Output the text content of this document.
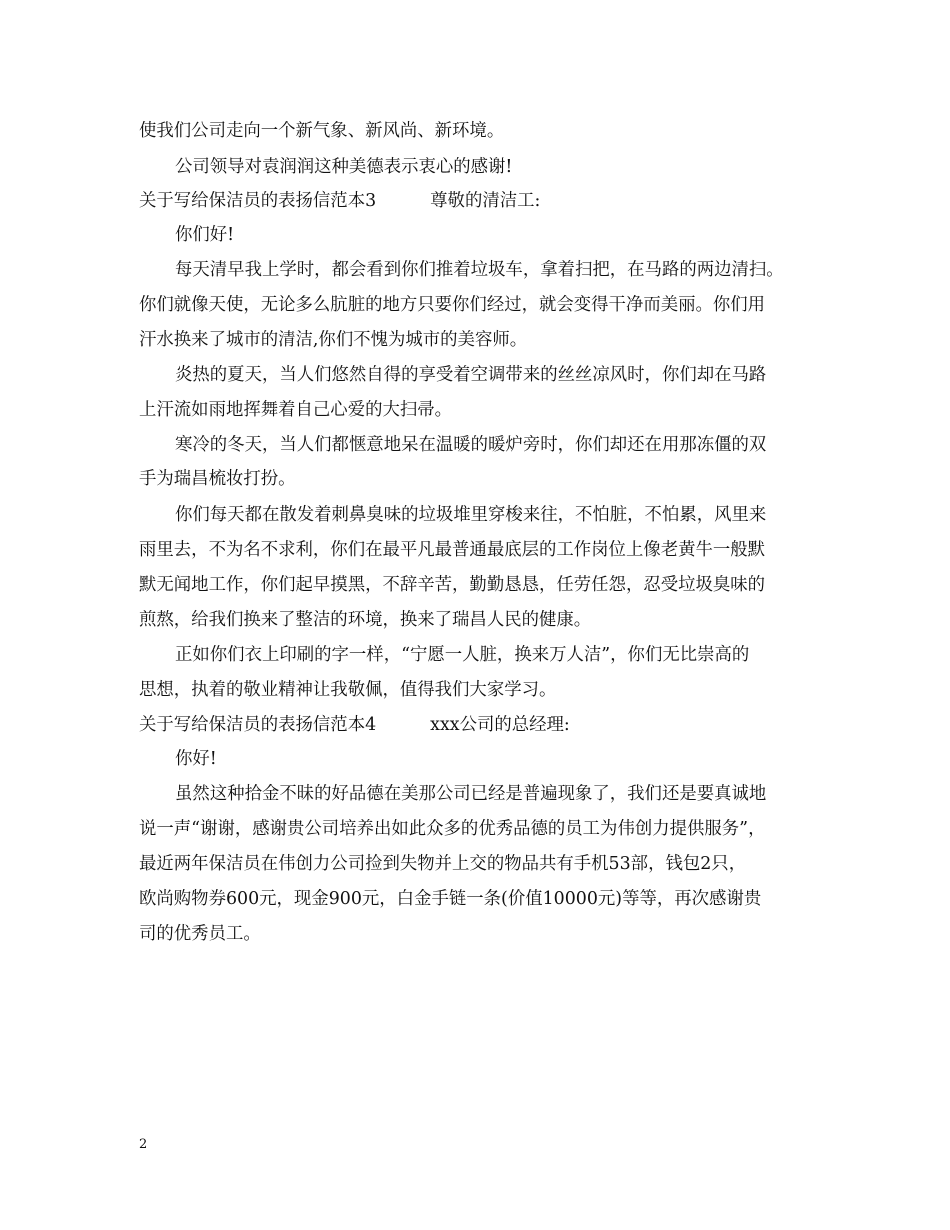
使我们公司走向一个新气象、新风尚、新环境。
公司领导对袁润润这种美德表示衷心的感谢!
关于写给保洁员的表扬信范本3	尊敬的清洁工:
你们好!
每天清早我上学时，都会看到你们推着垃圾车，拿着扫把，在马路的两边清扫。
你们就像天使，无论多么肮脏的地方只要你们经过，就会变得干净而美丽。你们用
汗水换来了城市的清洁,你们不愧为城市的美容师。
炎热的夏天，当人们悠然自得的享受着空调带来的丝丝凉风时，你们却在马路
上汗流如雨地挥舞着自己心爱的大扫帚。
寒冷的冬天，当人们都惬意地呆在温暖的暖炉旁时，你们却还在用那冻僵的双
手为瑞昌梳妆打扮。
你们每天都在散发着刺鼻臭味的垃圾堆里穿梭来往，不怕脏，不怕累，风里来
雨里去，不为名不求利，你们在最平凡最普通最底层的工作岗位上像老黄牛一般默
默无闻地工作，你们起早摸黑，不辞辛苦，勤勤恳恳，任劳任怨，忍受垃圾臭味的
煎熬，给我们换来了整洁的环境，换来了瑞昌人民的健康。
正如你们衣上印刷的字一样，“宁愿一人脏，换来万人洁”，你们无比崇高的
思想，执着的敬业精神让我敬佩，值得我们大家学习。
关于写给保洁员的表扬信范本4	xxx公司的总经理:
你好!
虽然这种拾金不昧的好品德在美那公司已经是普遍现象了，我们还是要真诚地
说一声“谢谢，感谢贵公司培养出如此众多的优秀品德的员工为伟创力提供服务”，
最近两年保洁员在伟创力公司捡到失物并上交的物品共有手机53部，钱包2只，
欧尚购物券600元，现金900元，白金手链一条(价值10000元)等等，再次感谢贵
司的优秀员工。
2
